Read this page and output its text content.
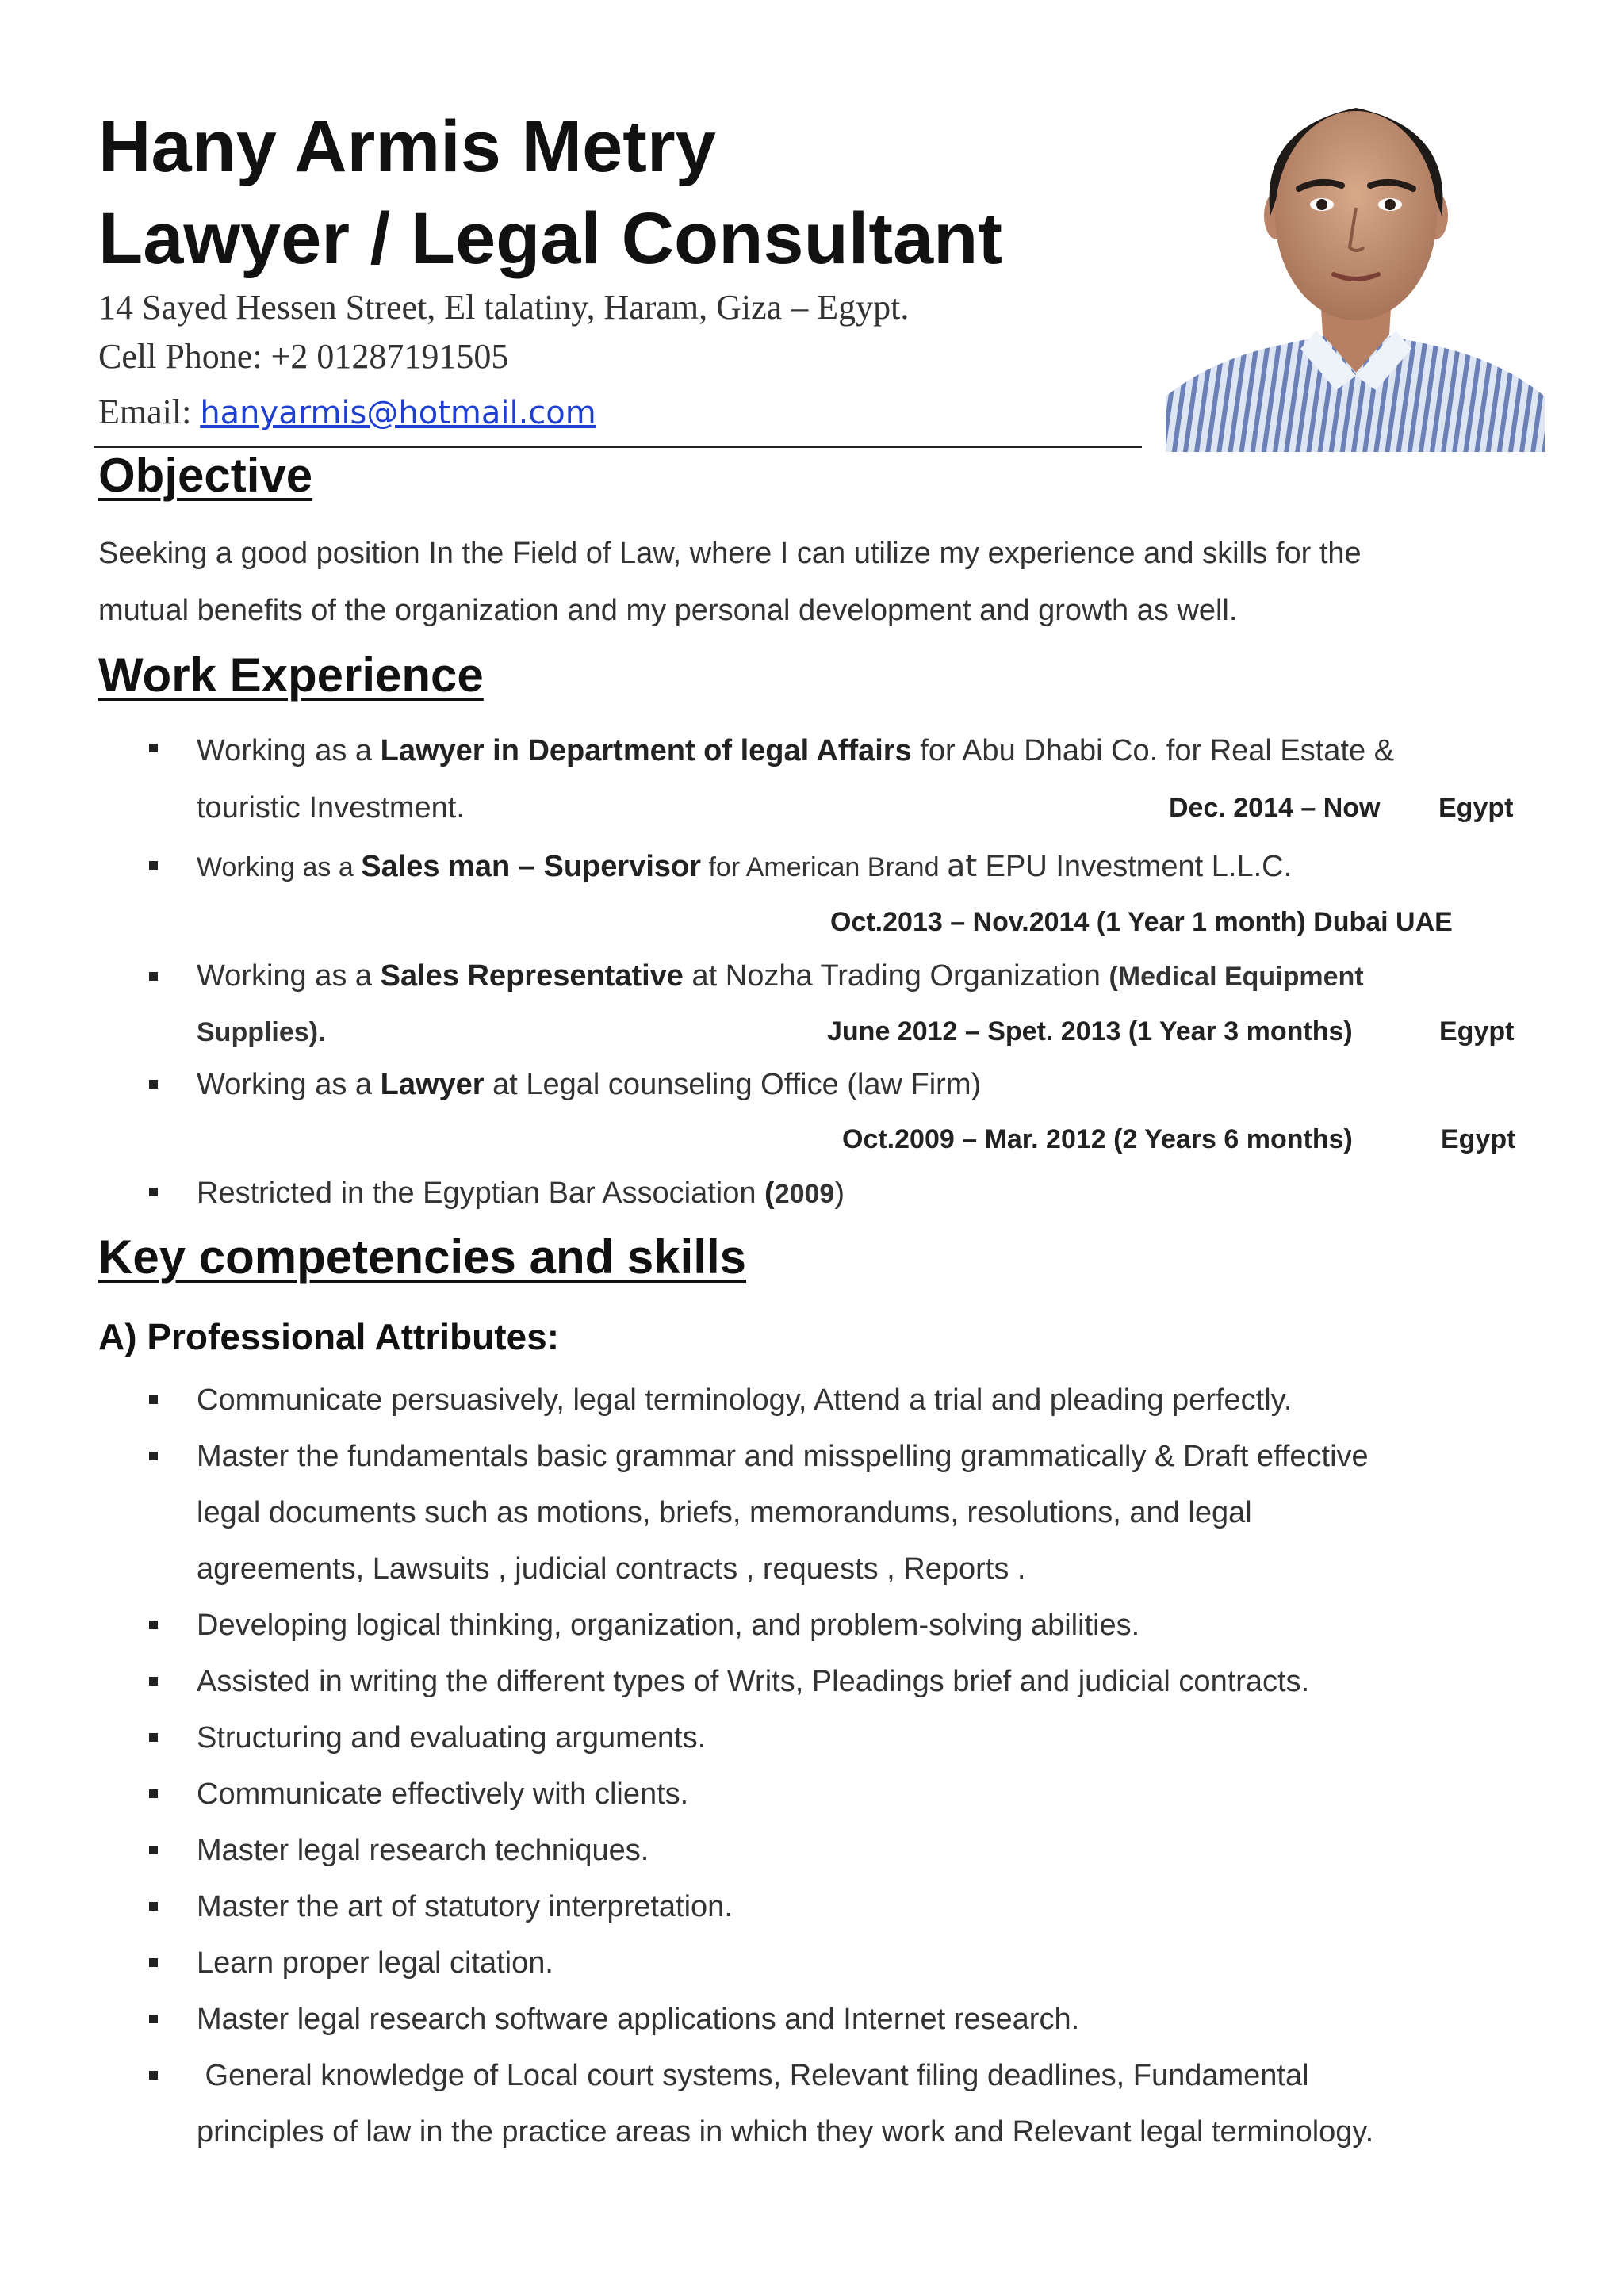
Hany Armis Metry
Lawyer / Legal Consultant
14 Sayed Hessen Street, El talatiny, Haram, Giza – Egypt.
Cell Phone: +2 01287191505
Email: hanyarmis@hotmail.com
Objective
Seeking a good position In the Field of Law, where I can utilize my experience and skills for the
mutual benefits of the organization and my personal development and growth as well.
Work Experience
Working as a Lawyer in Department of legal Affairs for Abu Dhabi Co. for Real Estate &
touristic Investment.	Dec. 2014 – Now Egypt
Working as a Sales man – Supervisor for American Brand at EPU Investment L.L.C.
Oct.2013 – Nov.2014 (1 Year 1 month) Dubai UAE
Working as a Sales Representative at Nozha Trading Organization (Medical Equipment
Supplies).	June 2012 – Spet. 2013 (1 Year 3 months)	Egypt
Working as a Lawyer at Legal counseling Office (law Firm)
Oct.2009 – Mar. 2012 (2 Years 6 months)	Egypt
Restricted in the Egyptian Bar Association (2009)
Key competencies and skills
A) Professional Attributes:
Communicate persuasively, legal terminology, Attend a trial and pleading perfectly.
Master the fundamentals basic grammar and misspelling grammatically & Draft effective
legal documents such as motions, briefs, memorandums, resolutions, and legal
agreements, Lawsuits , judicial contracts , requests , Reports .
Developing logical thinking, organization, and problem-solving abilities.
Assisted in writing the different types of Writs, Pleadings brief and judicial contracts.
Structuring and evaluating arguments.
Communicate effectively with clients.
Master legal research techniques.
Master the art of statutory interpretation.
Learn proper legal citation.
Master legal research software applications and Internet research.
General knowledge of Local court systems, Relevant filing deadlines, Fundamental
principles of law in the practice areas in which they work and Relevant legal terminology.
